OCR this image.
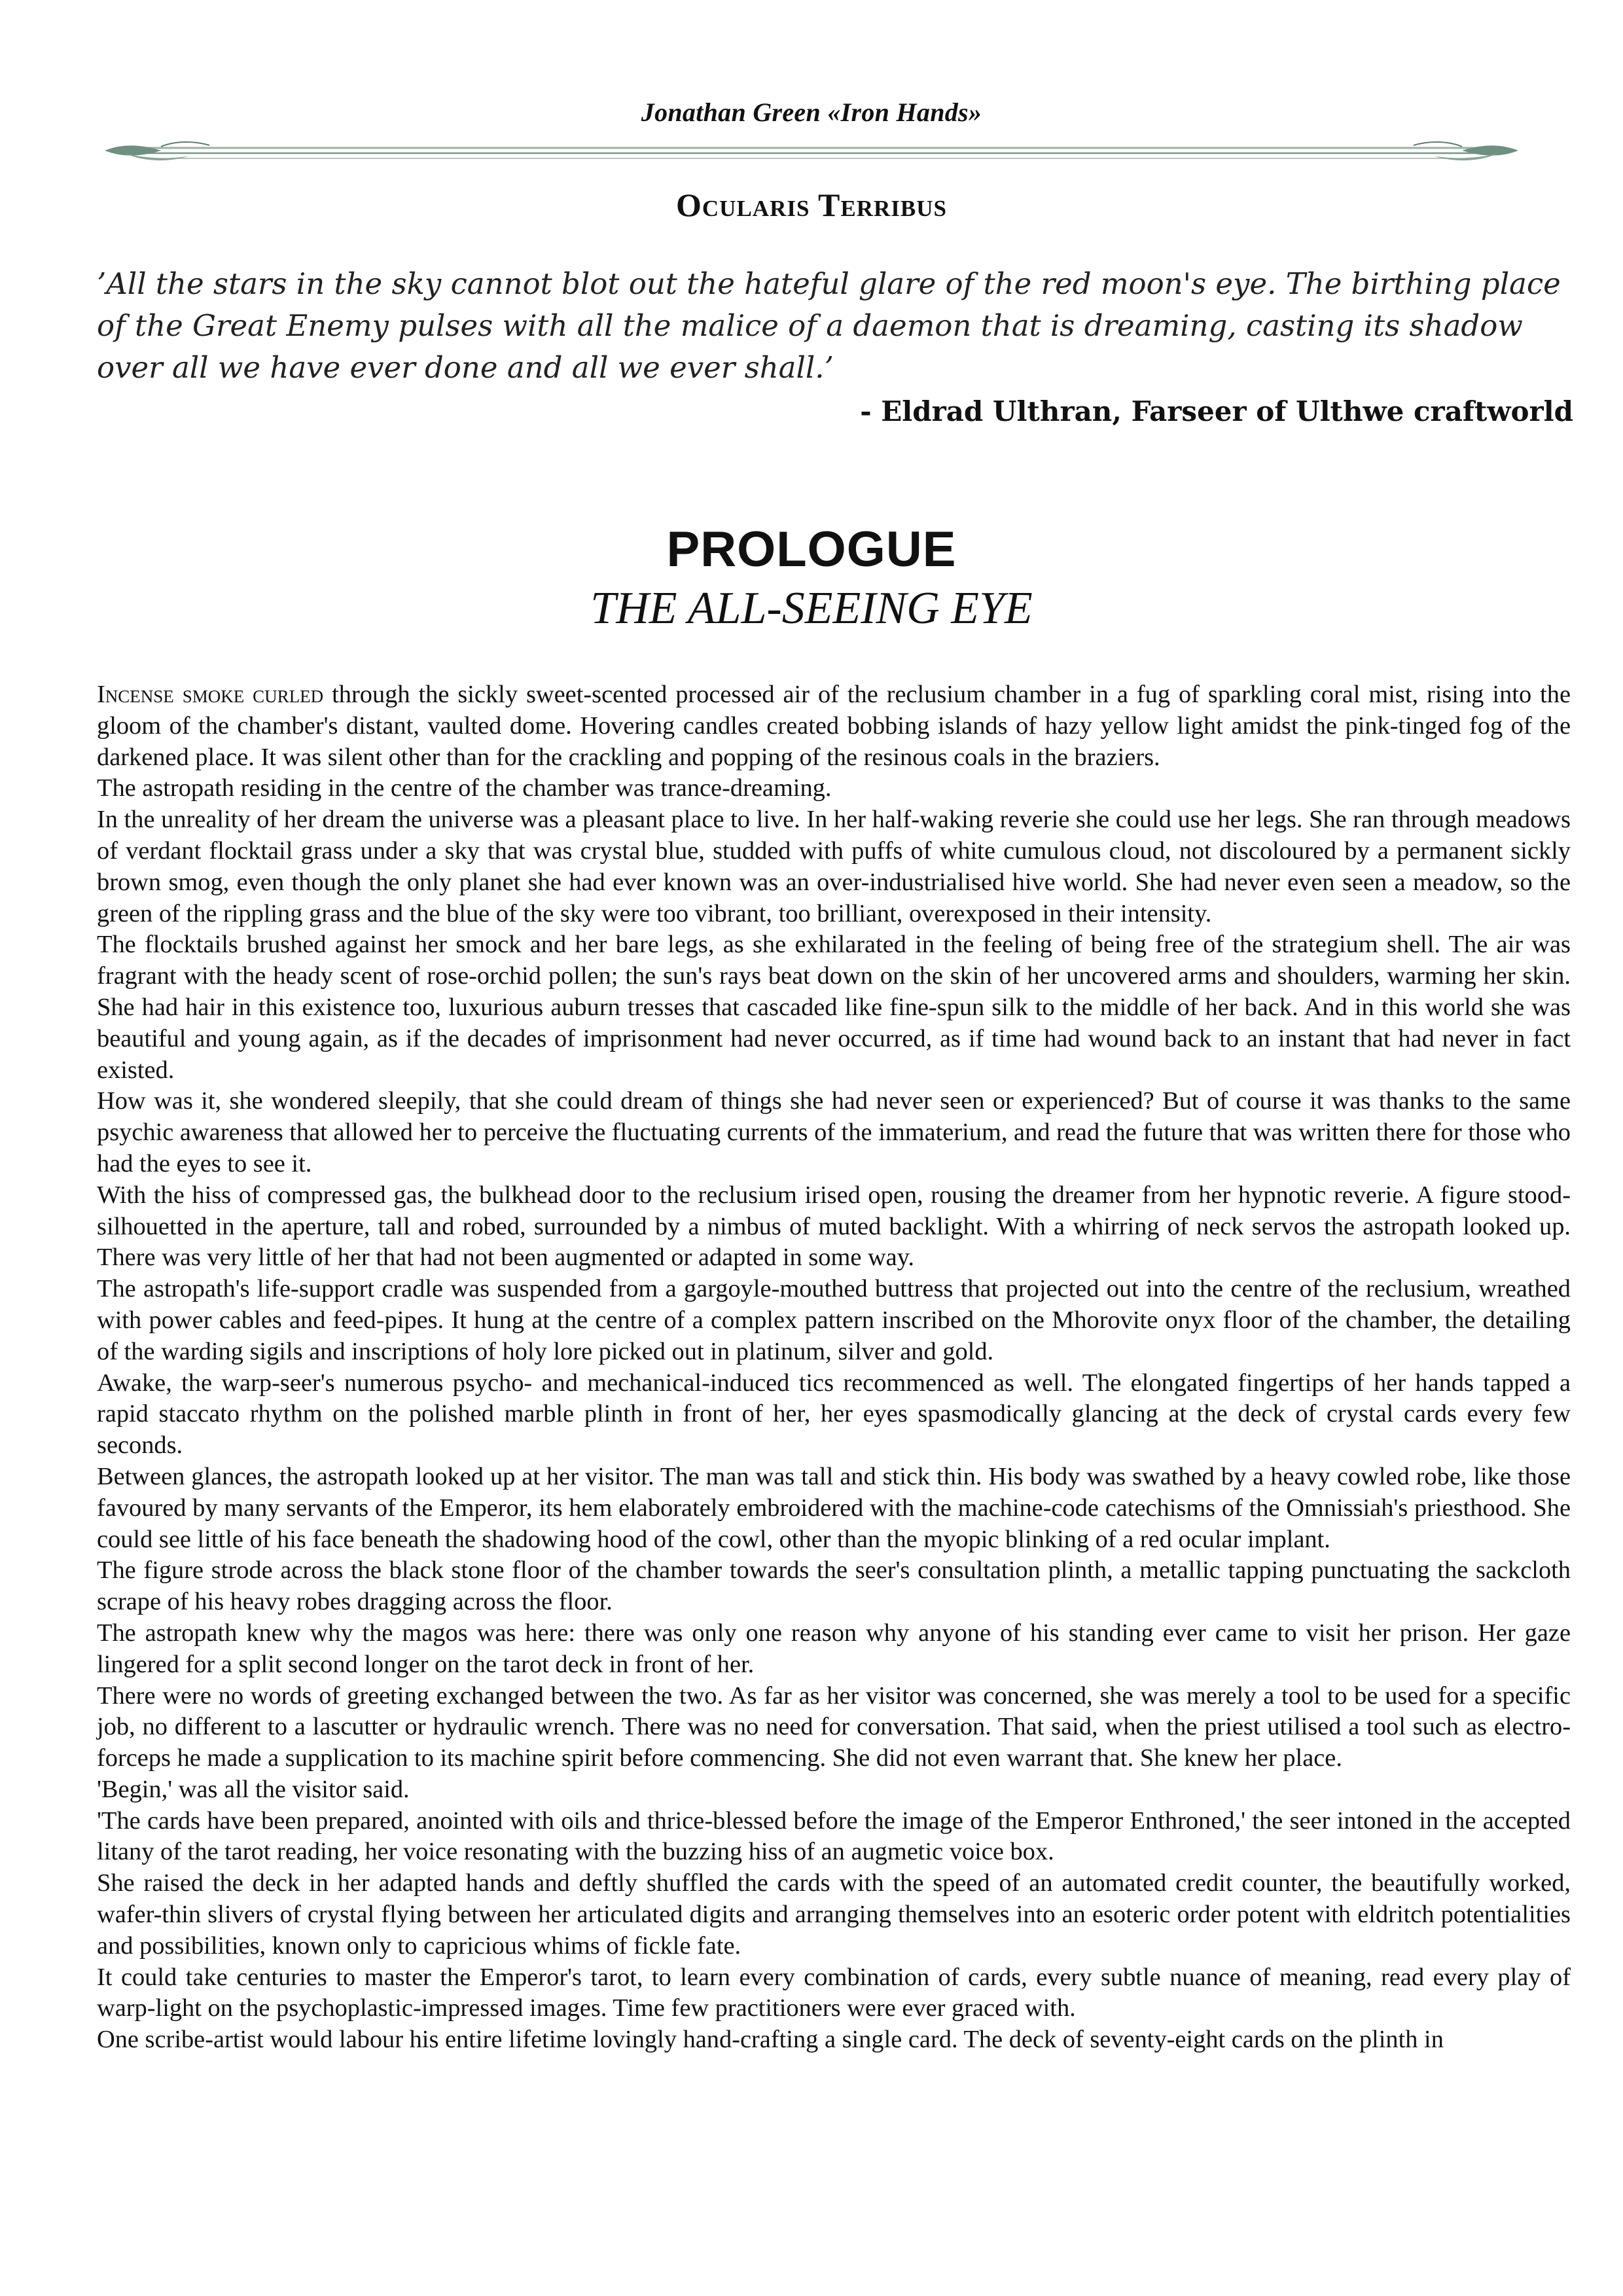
Jonathan Green «Iron Hands»
Ocularis Terribus
’All the stars in the sky cannot blot out the hateful glare of the red moon's eye. The birthing place of the Great Enemy pulses with all the malice of a daemon that is dreaming, casting its shadow over all we have ever done and all we ever shall.’
- Eldrad Ulthran, Farseer of Ulthwe craftworld
PROLOGUE
THE ALL-SEEING EYE

Incense smoke curled through the sickly sweet-scented processed air of the reclusium chamber in a fug of sparkling coral mist, rising into the gloom of the chamber's distant, vaulted dome. Hovering candles created bobbing islands of hazy yellow light amidst the pink-tinged fog of the darkened place. It was silent other than for the crackling and popping of the resinous coals in the braziers.

The astropath residing in the centre of the chamber was trance-dreaming.

In the unreality of her dream the universe was a pleasant place to live. In her half-waking reverie she could use her legs. She ran through meadows of verdant flocktail grass under a sky that was crystal blue, studded with puffs of white cumulous cloud, not discoloured by a permanent sickly brown smog, even though the only planet she had ever known was an over-industrialised hive world. She had never even seen a meadow, so the green of the rippling grass and the blue of the sky were too vibrant, too brilliant, overexposed in their intensity.

The flocktails brushed against her smock and her bare legs, as she exhilarated in the feeling of being free of the strategium shell. The air was fragrant with the heady scent of rose-orchid pollen; the sun's rays beat down on the skin of her uncovered arms and shoulders, warming her skin. She had hair in this existence too, luxurious auburn tresses that cascaded like fine-spun silk to the middle of her back. And in this world she was beautiful and young again, as if the decades of imprisonment had never occurred, as if time had wound back to an instant that had never in fact existed.

How was it, she wondered sleepily, that she could dream of things she had never seen or experienced? But of course it was thanks to the same psychic awareness that allowed her to perceive the fluctuating currents of the immaterium, and read the future that was written there for those who had the eyes to see it.

With the hiss of compressed gas, the bulkhead door to the reclusium irised open, rousing the dreamer from her hypnotic reverie. A figure stood-silhouetted in the aperture, tall and robed, surrounded by a nimbus of muted backlight. With a whirring of neck servos the astropath looked up. There was very little of her that had not been augmented or adapted in some way.

The astropath's life-support cradle was suspended from a gargoyle-mouthed buttress that projected out into the centre of the reclusium, wreathed with power cables and feed-pipes. It hung at the centre of a complex pattern inscribed on the Mhorovite onyx floor of the chamber, the detailing of the warding sigils and inscriptions of holy lore picked out in platinum, silver and gold.

Awake, the warp-seer's numerous psycho- and mechanical-induced tics recommenced as well. The elongated fingertips of her hands tapped a rapid staccato rhythm on the polished marble plinth in front of her, her eyes spasmodically glancing at the deck of crystal cards every few seconds.

Between glances, the astropath looked up at her visitor. The man was tall and stick thin. His body was swathed by a heavy cowled robe, like those favoured by many servants of the Emperor, its hem elaborately embroidered with the machine-code catechisms of the Omnissiah's priesthood. She could see little of his face beneath the shadowing hood of the cowl, other than the myopic blinking of a red ocular implant.

The figure strode across the black stone floor of the chamber towards the seer's consultation plinth, a metallic tapping punctuating the sackcloth scrape of his heavy robes dragging across the floor.

The astropath knew why the magos was here: there was only one reason why anyone of his standing ever came to visit her prison. Her gaze lingered for a split second longer on the tarot deck in front of her.

There were no words of greeting exchanged between the two. As far as her visitor was concerned, she was merely a tool to be used for a specific job, no different to a lascutter or hydraulic wrench. There was no need for conversation. That said, when the priest utilised a tool such as electro-forceps he made a supplication to its machine spirit before commencing. She did not even warrant that. She knew her place.

'Begin,' was all the visitor said.

'The cards have been prepared, anointed with oils and thrice-blessed before the image of the Emperor Enthroned,' the seer intoned in the accepted litany of the tarot reading, her voice resonating with the buzzing hiss of an augmetic voice box.

She raised the deck in her adapted hands and deftly shuffled the cards with the speed of an automated credit counter, the beautifully worked, wafer-thin slivers of crystal flying between her articulated digits and arranging themselves into an esoteric order potent with eldritch potentialities and possibilities, known only to capricious whims of fickle fate.

It could take centuries to master the Emperor's tarot, to learn every combination of cards, every subtle nuance of meaning, read every play of warp-light on the psychoplastic-impressed images. Time few practitioners were ever graced with.

One scribe-artist would labour his entire lifetime lovingly hand-crafting a single card. The deck of seventy-eight cards on the plinth in
